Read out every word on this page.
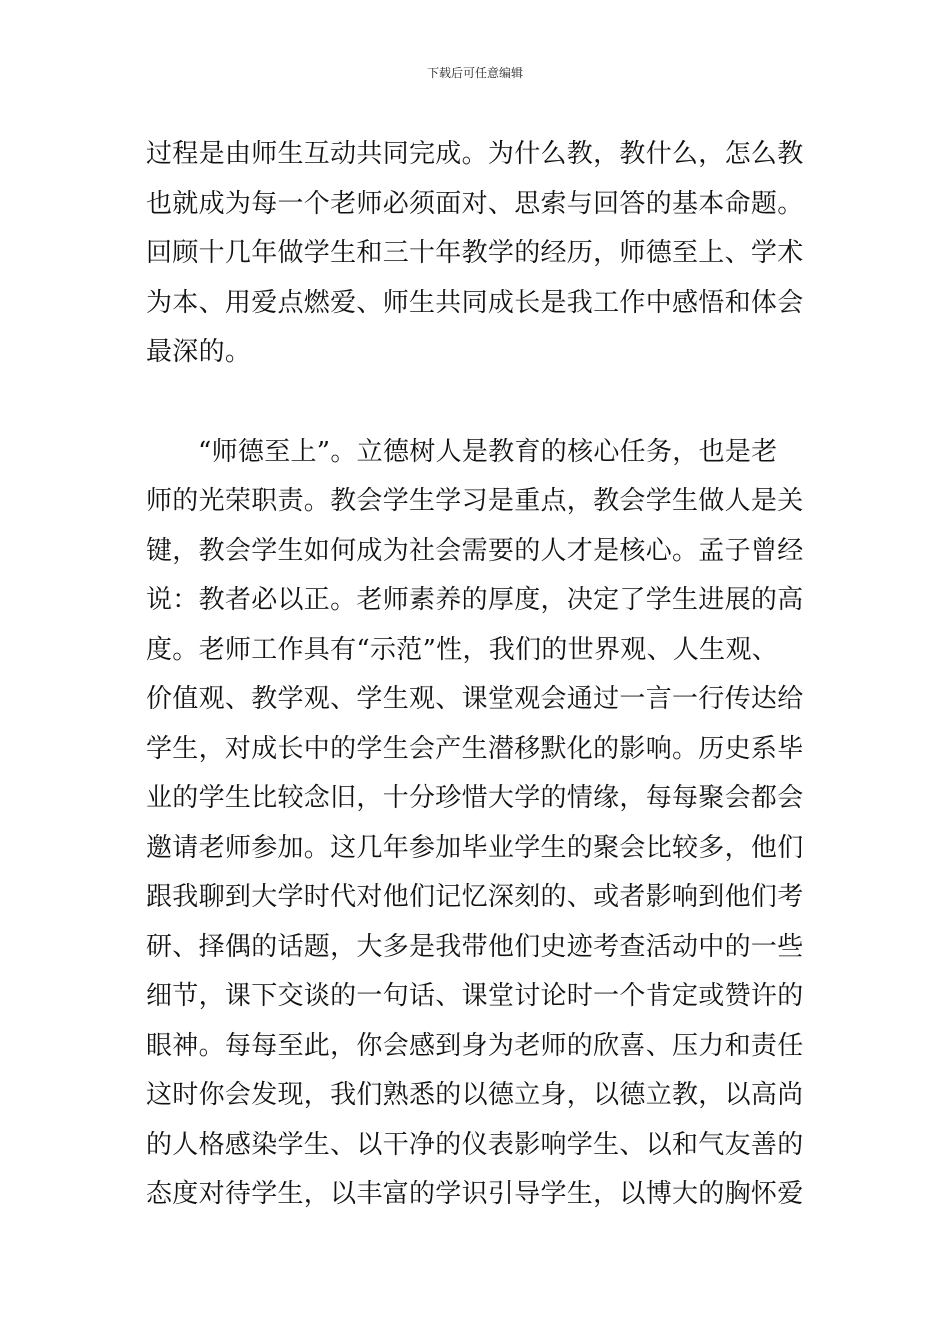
下载后可任意编辑
过程是由师生互动共同完成。为什么教，教什么，怎么教
也就成为每一个老师必须面对、思索与回答的基本命题。
回顾十几年做学生和三十年教学的经历，师德至上、学术
为本、用爱点燃爱、师生共同成长是我工作中感悟和体会
最深的。
“师德至上”。立德树人是教育的核心任务，也是老
师的光荣职责。教会学生学习是重点，教会学生做人是关
键，教会学生如何成为社会需要的人才是核心。孟子曾经
说：教者必以正。老师素养的厚度，决定了学生进展的高
度。老师工作具有“示范”性，我们的世界观、人生观、
价值观、教学观、学生观、课堂观会通过一言一行传达给
学生，对成长中的学生会产生潜移默化的影响。历史系毕
业的学生比较念旧，十分珍惜大学的情缘，每每聚会都会
邀请老师参加。这几年参加毕业学生的聚会比较多，他们
跟我聊到大学时代对他们记忆深刻的、或者影响到他们考
研、择偶的话题，大多是我带他们史迹考查活动中的一些
细节，课下交谈的一句话、课堂讨论时一个肯定或赞许的
眼神。每每至此，你会感到身为老师的欣喜、压力和责任
这时你会发现，我们熟悉的以德立身，以德立教，以高尚
的人格感染学生、以干净的仪表影响学生、以和气友善的
态度对待学生，以丰富的学识引导学生，以博大的胸怀爱
